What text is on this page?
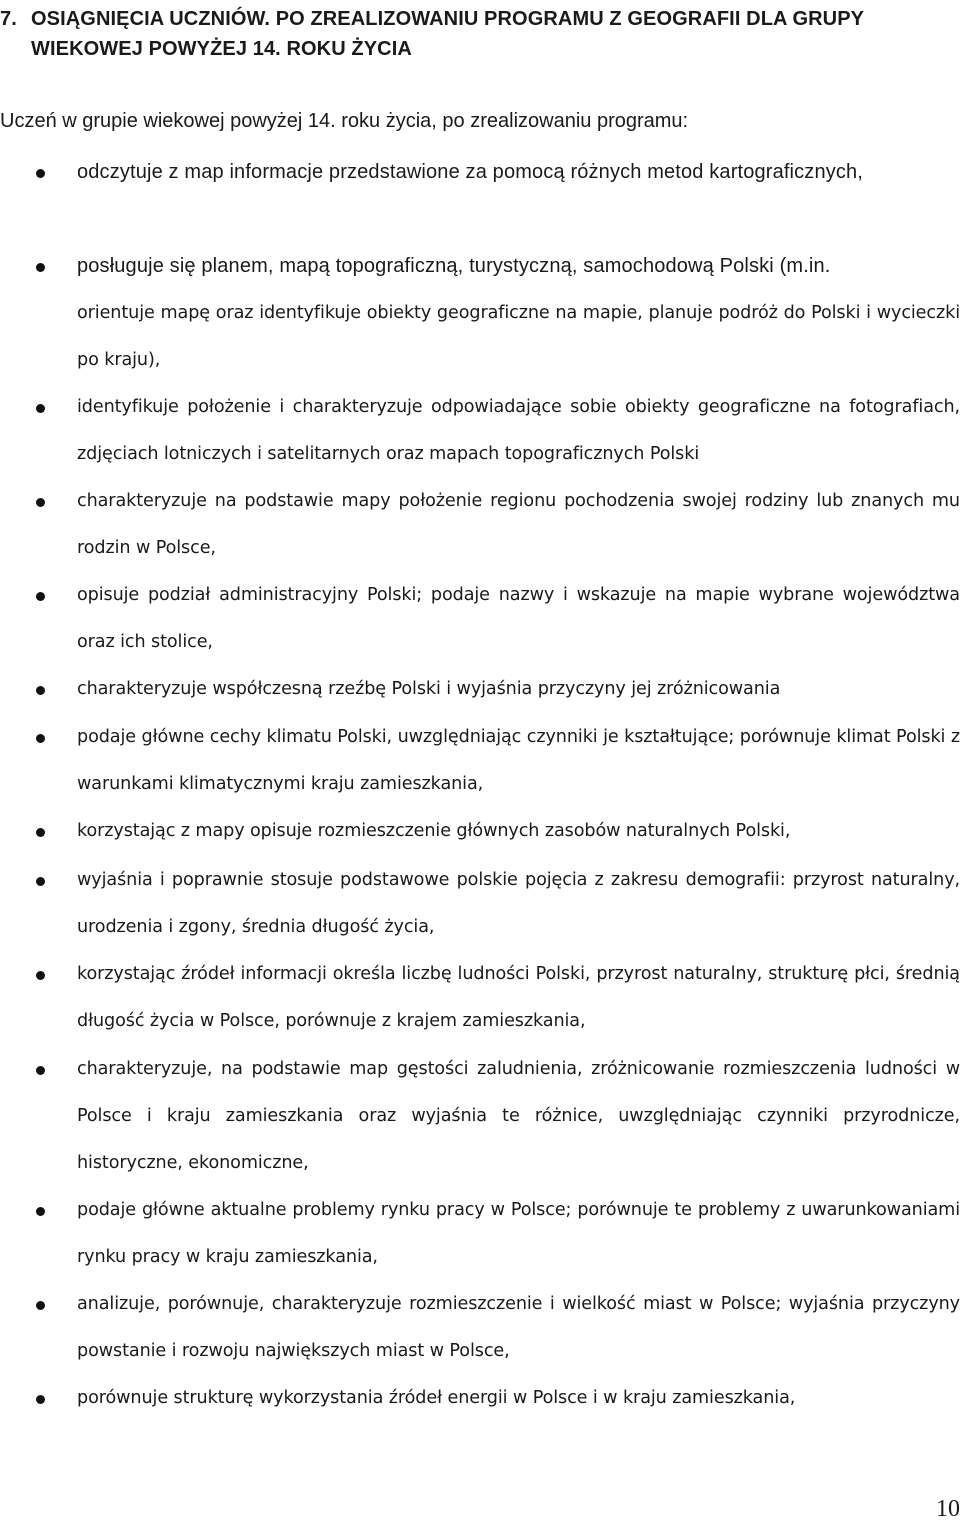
7. OSIĄGNIĘCIA UCZNIÓW. PO ZREALIZOWANIU PROGRAMU Z GEOGRAFII DLA GRUPY
WIEKOWEJ POWYŻEJ 14. ROKU ŻYCIA
Uczeń w grupie wiekowej powyżej 14. roku życia, po zrealizowaniu programu:
odczytuje z map informacje przedstawione za pomocą różnych metod kartograficznych,
posługuje się planem, mapą topograficzną, turystyczną, samochodową Polski (m.in.
orientuje mapę oraz identyfikuje obiekty geograficzne na mapie, planuje podróż do Polski i wycieczki po kraju),
identyfikuje położenie i charakteryzuje odpowiadające sobie obiekty geograficzne na fotografiach, zdjęciach lotniczych i satelitarnych oraz mapach topograficznych Polski
charakteryzuje na podstawie mapy położenie regionu pochodzenia swojej rodziny lub znanych mu rodzin w Polsce,
opisuje podział administracyjny Polski; podaje nazwy i wskazuje na mapie wybrane województwa oraz ich stolice,
charakteryzuje współczesną rzeźbę Polski i wyjaśnia przyczyny jej zróżnicowania
podaje główne cechy klimatu Polski, uwzględniając czynniki je kształtujące; porównuje klimat Polski z warunkami klimatycznymi kraju zamieszkania,
korzystając z mapy opisuje rozmieszczenie głównych zasobów naturalnych Polski,
wyjaśnia i poprawnie stosuje podstawowe polskie pojęcia z zakresu demografii: przyrost naturalny, urodzenia i zgony, średnia długość życia,
korzystając źródeł informacji określa liczbę ludności Polski, przyrost naturalny, strukturę płci, średnią długość życia w Polsce, porównuje z krajem zamieszkania,
charakteryzuje, na podstawie map gęstości zaludnienia, zróżnicowanie rozmieszczenia ludności w Polsce i kraju zamieszkania oraz wyjaśnia te różnice, uwzględniając czynniki przyrodnicze, historyczne, ekonomiczne,
podaje główne aktualne problemy rynku pracy w Polsce; porównuje te problemy z uwarunkowaniami rynku pracy w kraju zamieszkania,
analizuje, porównuje, charakteryzuje rozmieszczenie i wielkość miast w Polsce; wyjaśnia przyczyny powstanie i rozwoju największych miast w Polsce,
porównuje strukturę wykorzystania źródeł energii w Polsce i w kraju zamieszkania,
10
